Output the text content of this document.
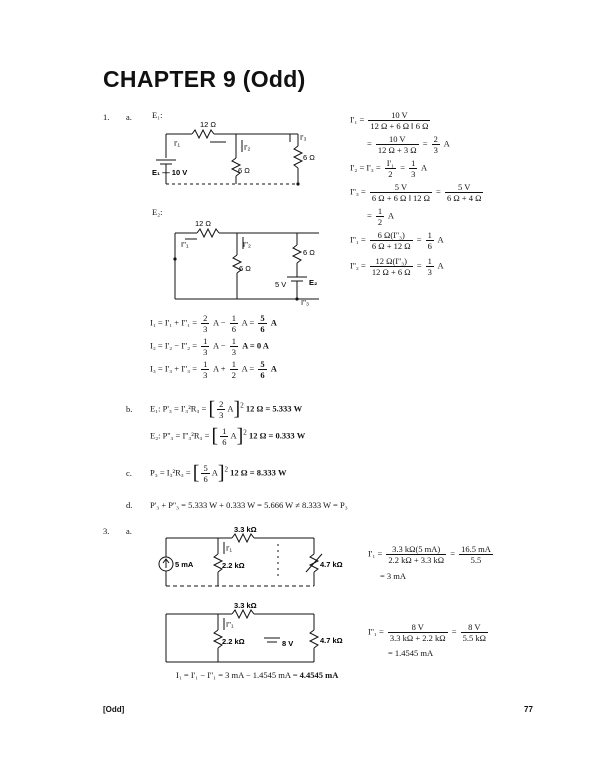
CHAPTER 9 (Odd)
1. a. E₁:
12 Ω
6 Ω
6 Ω
E₁ — 10 V
I'₁	I'₂
I'₃
E₂:
12 Ω
6 Ω
6 Ω
5 V	E₂
I''₁	I''₂
I''₃
$I'_1 = \frac{10 V}{12 \Omega + 6 \Omega ‖ 6 \Omega}$
= $\frac{10 V}{12 \Omega + 3 \Omega} = \frac{2}{3}$ A
$I'_2 = I'_3 = \frac{\text{I'₁}}{2} = \frac{1}{3}$ A
$I''_3 = \frac{5 V}{6 \Omega + 6 \Omega ‖ 12 \Omega} = \frac{5 V}{6 \Omega + 4 \Omega}$
= $\frac{1}{2}$ A
$I''_1 = \frac{\text{6 Ω(I''₃)}}{6 \Omega + 12 \Omega} = \frac{1}{6}$ A
$I''_2 = \frac{\text{12 Ω(I''₃)}}{12 \Omega + 6 \Omega} = \frac{1}{3}$ A
$I_1 = I'_1 + I''_1 = \frac{2}{3}$ $A - \frac{1}{6}$ $A = \frac{5}{6}$ A
$I_2 = I'_2 - I''_2 = \frac{1}{3}$ $A - \frac{1}{3}$ A = 0 A
$I_3 = I'_3 + I''_3 = \frac{1}{3}$ $A + \frac{1}{2}$ $A = \frac{5}{6}$ A
b. E₁: P'₃ = I'₃²R₃ = [ $\frac{2}{3} A]^2$ 12 Ω = 5.333 W
E₂: P''₃ = I''₃²R₃ = [ $\frac{1}{6} A]^2$ 12 Ω = 0.333 W
c. P₃ = I₃²R₃ = [ $\frac{5}{6} A]^2$ 12 Ω = 8.333 W
d. P'₃ + P''₃ = 5.333 W + 0.333 W = 5.666 W ≠ 8.333 W = P₃
3. a.	3.3 kΩ
2.2 kΩ	4.7 kΩ
5 mA
I'₁
3.3 kΩ
2.2 kΩ	4.7 kΩ
8 V
I''₁
$I'_1 = \frac{3.3 k\Omega(5 mA)}{2.2 k\Omega + 3.3 k\Omega} = \frac{16.5 mA}{5.5}$
= 3 mA
$I''_1 = \frac{8 V}{3.3 k\Omega + 2.2 k\Omega} = \frac{8 V}{5.5 k\Omega}$
= 1.4545 mA
I₁ = I'₁ − I''₁ = 3 mA − 1.4545 mA = 4.4545 mA
[Odd]	77
